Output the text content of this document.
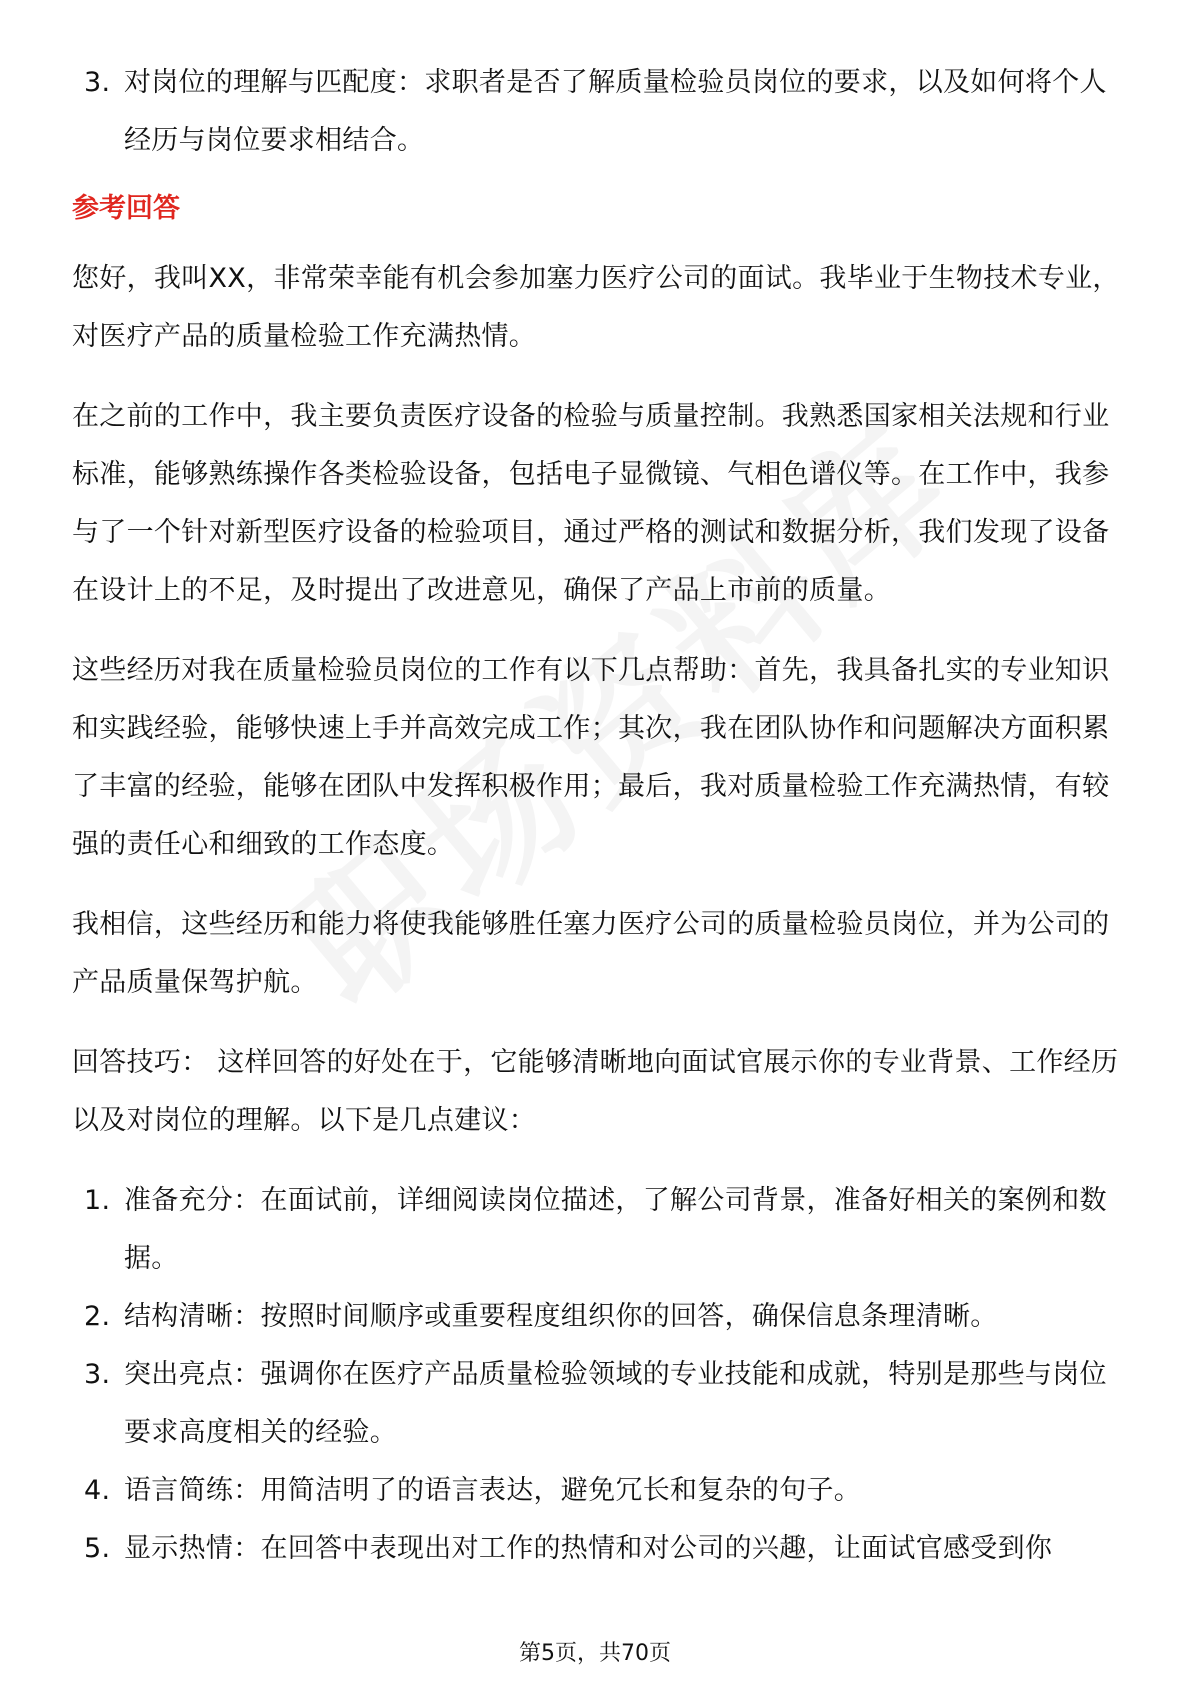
3. 对岗位的理解与匹配度：求职者是否了解质量检验员岗位的要求，以及如何将个人经历与岗位要求相结合。
参考回答

您好，我叫XX，非常荣幸能有机会参加塞力医疗公司的面试。我毕业于生物技术专业，对医疗产品的质量检验工作充满热情。

在之前的工作中，我主要负责医疗设备的检验与质量控制。我熟悉国家相关法规和行业标准，能够熟练操作各类检验设备，包括电子显微镜、气相色谱仪等。在工作中，我参与了一个针对新型医疗设备的检验项目，通过严格的测试和数据分析，我们发现了设备在设计上的不足，及时提出了改进意见，确保了产品上市前的质量。

这些经历对我在质量检验员岗位的工作有以下几点帮助：首先，我具备扎实的专业知识和实践经验，能够快速上手并高效完成工作；其次，我在团队协作和问题解决方面积累了丰富的经验，能够在团队中发挥积极作用；最后，我对质量检验工作充满热情，有较强的责任心和细致的工作态度。

我相信，这些经历和能力将使我能够胜任塞力医疗公司的质量检验员岗位，并为公司的产品质量保驾护航。

回答技巧： 这样回答的好处在于，它能够清晰地向面试官展示你的专业背景、工作经历以及对岗位的理解。以下是几点建议：

1. 准备充分：在面试前，详细阅读岗位描述，了解公司背景，准备好相关的案例和数据。
2. 结构清晰：按照时间顺序或重要程度组织你的回答，确保信息条理清晰。
3. 突出亮点：强调你在医疗产品质量检验领域的专业技能和成就，特别是那些与岗位要求高度相关的经验。
4. 语言简练：用简洁明了的语言表达，避免冗长和复杂的句子。
5. 显示热情：在回答中表现出对工作的热情和对公司的兴趣，让面试官感受到你
第5页，共70页
